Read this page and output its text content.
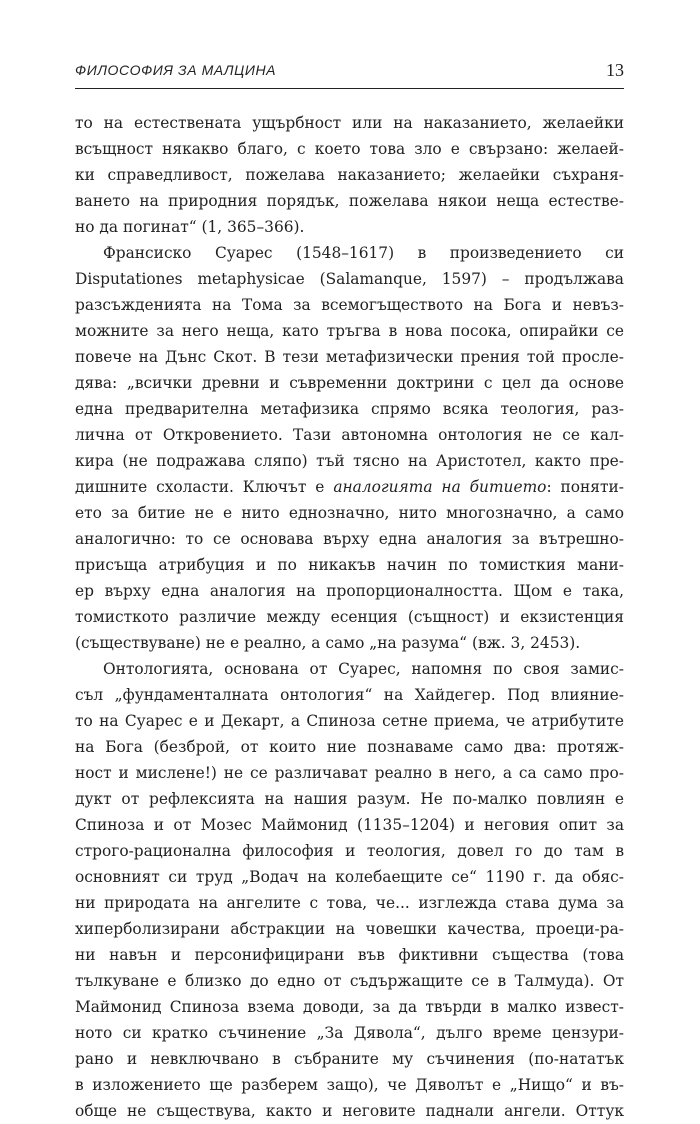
ФИЛОСОФИЯ ЗА МАЛЦИНА	13

то на естествената ущърбност или на наказанието, желаейки

всъщност някакво благо, с което това зло е свързано: желаей-

ки справедливост, пожелава наказанието; желаейки съхраня-

ването на природния порядък, пожелава някои неща естестве-

но да погинат“ (1, 365–366).

Франсиско Суарес (1548–1617) в произведението си

Disputationes metaphysicae (Salamanque, 1597) – продължава

разсъжденията на Тома за всемогъществото на Бога и невъз-

можните за него неща, като тръгва в нова посока, опирайки се

повече на Дънс Скот. В тези метафизически прения той просле-

дява: „всички древни и съвременни доктрини с цел да основе

една предварителна метафизика спрямо всяка теология, раз-

лична от Откровението. Тази автономна онтология не се кал-

кира (не подражава сляпо) тъй тясно на Аристотел, както пре-

дишните схоласти. Ключът е аналогията на битието: поняти-

ето за битие не е нито еднозначно, нито многозначно, а само

аналогично: то се основава върху една аналогия за вътрешно-

присъща атрибуция и по никакъв начин по томисткия мани-

ер върху една аналогия на пропорционалността. Щом е така,

томисткото различие между есенция (същност) и екзистенция

(съществуване) не е реално, а само „на разума“ (вж. 3, 2453).

Онтологията, основана от Суарес, напомня по своя замис-

съл „фундаменталната онтология“ на Хайдегер. Под влияние-

то на Суарес е и Декарт, а Спиноза сетне приема, че атрибутите

на Бога (безброй, от които ние познаваме само два: протяж-

ност и мислене!) не се различават реално в него, а са само про-

дукт от рефлексията на нашия разум. Не по-малко повлиян е

Спиноза и от Мозес Маймонид (1135–1204) и неговия опит за

строго-рационална философия и теология, довел го до там в

основният си труд „Водач на колебаещите се“ 1190 г. да обяс-

ни природата на ангелите с това, че... изглежда става дума за

хиперболизирани абстракции на човешки качества, проеци-ра-

ни навън и персонифицирани във фиктивни същества (това

тълкуване е близко до едно от съдържащите се в Талмуда). От

Маймонид Спиноза взема доводи, за да твърди в малко извест-

ното си кратко съчинение „За Дявола“, дълго време цензури-

рано и невключвано в събраните му съчинения (по-нататък

в изложението ще разберем защо), че Дяволът е „Нищо“ и въ-

обще не съществува, както и неговите паднали ангели. Оттук
